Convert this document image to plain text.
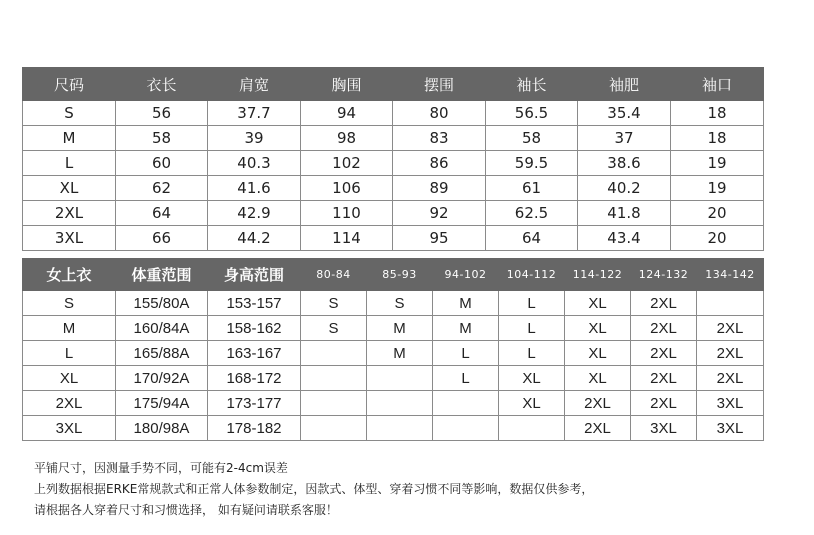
尺码	衣长	肩宽	胸围	摆围	袖长	袖肥	袖口
S	56	37.7	94	80	56.5	35.4	18
M	58	39	98	83	58	37	18
L	60	40.3	102	86	59.5	38.6	19
XL	62	41.6	106	89	61	40.2	19
2XL	64	42.9	110	92	62.5	41.8	20
3XL	66	44.2	114	95	64	43.4	20
女上衣	体重范围	身高范围	80-84	85-93	94-102	104-112	114-122	124-132	134-142
S	155/80A	153-157	S	S	M	L	XL	2XL	
M	160/84A	158-162	S	M	M	L	XL	2XL	2XL
L	165/88A	163-167		M	L	L	XL	2XL	2XL
XL	170/92A	168-172			L	XL	XL	2XL	2XL
2XL	175/94A	173-177				XL	2XL	2XL	3XL
3XL	180/98A	178-182					2XL	3XL	3XL
平铺尺寸，因测量手势不同，可能有2-4cm误差
上列数据根据ERKE常规款式和正常人体参数制定，因款式、体型、穿着习惯不同等影响，数据仅供参考，
请根据各人穿着尺寸和习惯选择， 如有疑问请联系客服！
